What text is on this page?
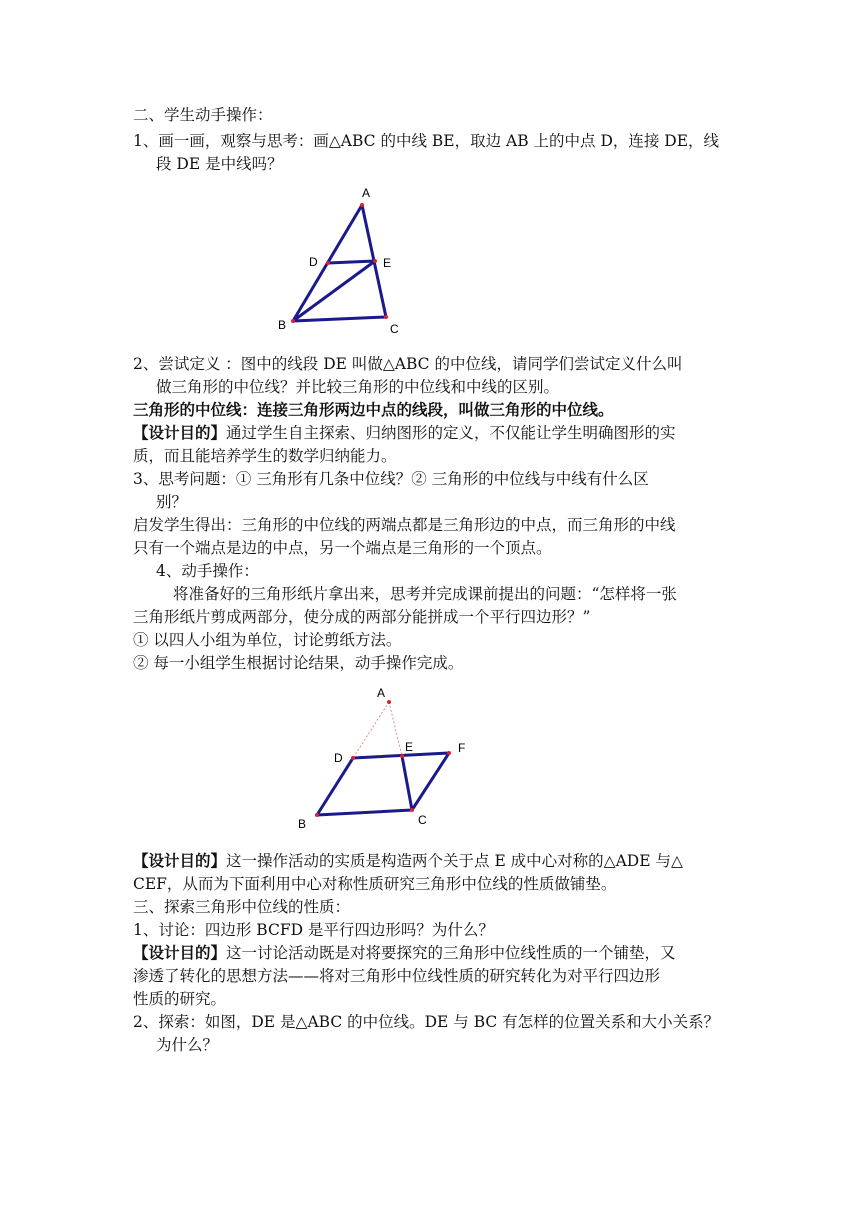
二、学生动手操作：
1、画一画，观察与思考：画△ABC 的中线 BE，取边 AB 上的中点 D，连接 DE，线
段 DE 是中线吗？
A
B	C
D	E
2、尝试定义 ：图中的线段 DE 叫做△ABC 的中位线，请同学们尝试定义什么叫
做三角形的中位线？并比较三角形的中位线和中线的区别。
三角形的中位线：连接三角形两边中点的线段，叫做三角形的中位线。
【设计目的】通过学生自主探索、归纳图形的定义，不仅能让学生明确图形的实
质，而且能培养学生的数学归纳能力。
3、思考问题：① 三角形有几条中位线？② 三角形的中位线与中线有什么区
别？
启发学生得出：三角形的中位线的两端点都是三角形边的中点，而三角形的中线
只有一个端点是边的中点，另一个端点是三角形的一个顶点。
4、动手操作：
将准备好的三角形纸片拿出来，思考并完成课前提出的问题：“怎样将一张
三角形纸片剪成两部分，使分成的两部分能拼成一个平行四边形？”
① 以四人小组为单位，讨论剪纸方法。
② 每一小组学生根据讨论结果，动手操作完成。
A
D
E	F
B	C
【设计目的】这一操作活动的实质是构造两个关于点 E 成中心对称的△ADE 与△
CEF，从而为下面利用中心对称性质研究三角形中位线的性质做铺垫。
三、探索三角形中位线的性质：
1、讨论：四边形 BCFD 是平行四边形吗？为什么？
【设计目的】这一讨论活动既是对将要探究的三角形中位线性质的一个铺垫，又
渗透了转化的思想方法——将对三角形中位线性质的研究转化为对平行四边形
性质的研究。
2、探索：如图，DE 是△ABC 的中位线。DE 与 BC 有怎样的位置关系和大小关系？
为什么？
